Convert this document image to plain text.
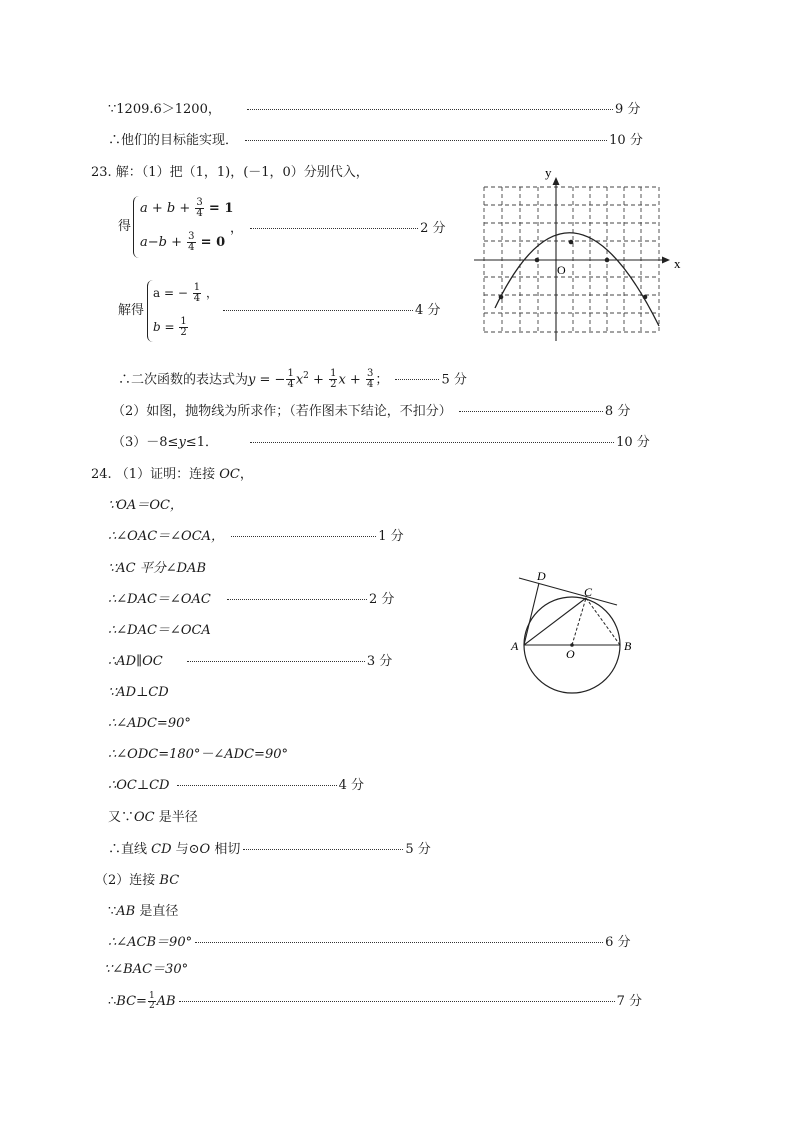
∵1209.6＞1200，	9 分
∴他们的目标能实现．	10 分
23. 解：（1）把（1，1)，(－1，0）分别代入，
得
$a + b + \frac{3}{4} = 1$
$a-b + \frac{3}{4} = 0$
，	2 分
解得
a = − $\frac{1}{4}$ ，
$b = \frac{1}{2}$
4 分
∴二次函数的表达式为y = − $\frac{1}{4} x^2 + \frac{1}{2}$ $x + \frac{3}{4}$ ；	5 分
（2）如图，抛物线为所求作；（若作图未下结论，不扣分）	8 分
（3）－8≤y≤1．	10 分
x
y
O
24. （1）证明：连接 OC，
∵OA＝OC，
∴∠OAC＝∠OCA，	1 分
∵AC 平分∠DAB
∴∠DAC＝∠OAC	2 分
∴∠DAC＝∠OCA
∴AD∥OC	3 分
∵AD⊥CD
∴∠ADC=90°
∴∠ODC=180°－∠ADC=90°
∴OC⊥CD	4 分
又∵OC 是半径
∴直线 CD 与⊙O 相切	5 分
（2）连接 BC
∵AB 是直径
∴∠ACB＝90°	6 分
∵∠BAC＝30°
∴BC= $\frac{1}{2}$ AB	7 分
D
C
A
O
B
